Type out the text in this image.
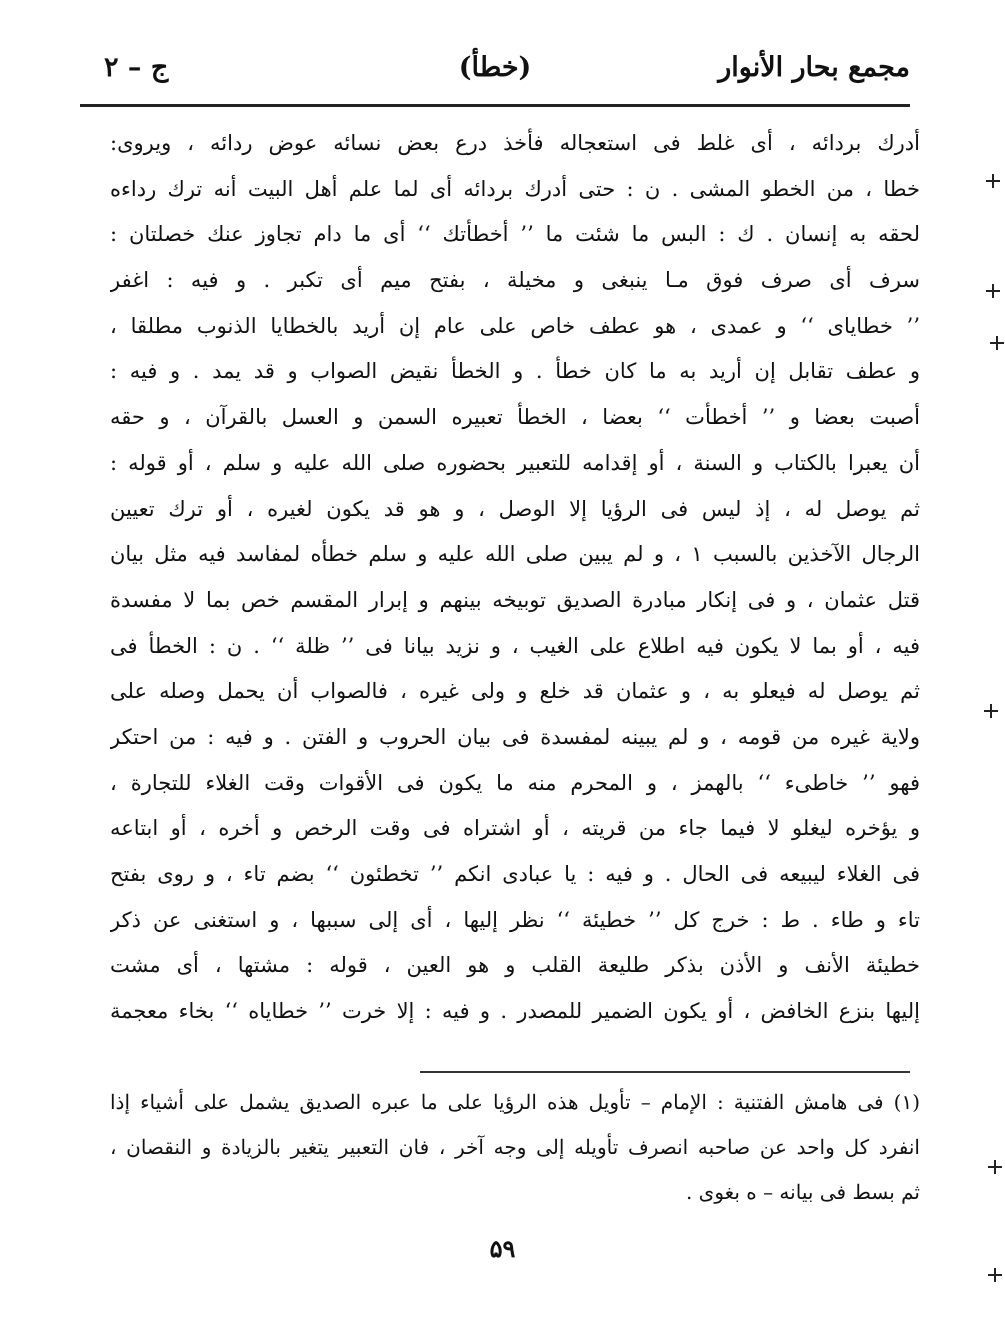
مجمع بحار الأنوار
(خطأ)
ج – ۲
أدرك بردائه ، أى غلط فى استعجاله فأخذ درع بعض نسائه عوض ردائه ، ويروى:
خطا ، من الخطو المشى . ن : حتى أدرك بردائه أى لما علم أهل البيت أنه ترك رداءه
لحقه به إنسان . ك : البس ما شئت ما ’’ أخطأتك ‘‘ أى ما دام تجاوز عنك خصلتان :
سرف أى صرف فوق مـا ينبغى و مخيلة ، بفتح ميم أى تكبر . و فيه : اغفر
’’ خطاياى ‘‘ و عمدى ، هو عطف خاص على عام إن أريد بالخطايا الذنوب مطلقا ،
و عطف تقابل إن أريد به ما كان خطأ . و الخطأ نقيض الصواب و قد يمد . و فيه :
أصبت بعضا و ’’ أخطأت ‘‘ بعضا ، الخطأ تعبيره السمن و العسل بالقرآن ، و حقه
أن يعبرا بالكتاب و السنة ، أو إقدامه للتعبير بحضوره صلى الله عليه و سلم ، أو قوله :
ثم يوصل له ، إذ ليس فى الرؤيا إلا الوصل ، و هو قد يكون لغيره ، أو ترك تعيين
الرجال الآخذين بالسبب ۱ ، و لم يبين صلى الله عليه و سلم خطأه لمفاسد فيه مثل بيان
قتل عثمان ، و فى إنكار مبادرة الصديق توبيخه بينهم و إبرار المقسم خص بما لا مفسدة
فيه ، أو بما لا يكون فيه اطلاع على الغيب ، و نزيد بيانا فى ’’ ظلة ‘‘ . ن : الخطأ فى
ثم يوصل له فيعلو به ، و عثمان قد خلع و ولى غيره ، فالصواب أن يحمل وصله على
ولاية غيره من قومه ، و لم يبينه لمفسدة فى بيان الحروب و الفتن . و فيه : من احتكر
فهو ’’ خاطىء ‘‘ بالهمز ، و المحرم منه ما يكون فى الأقوات وقت الغلاء للتجارة ،
و يؤخره ليغلو لا فيما جاء من قريته ، أو اشتراه فى وقت الرخص و أخره ، أو ابتاعه
فى الغلاء ليبيعه فى الحال . و فيه : يا عبادى انكم ’’ تخطئون ‘‘ بضم تاء ، و روى بفتح
تاء و طاء . ط : خرج كل ’’ خطيئة ‘‘ نظر إليها ، أى إلى سببها ، و استغنى عن ذكر
خطيئة الأنف و الأذن بذكر طليعة القلب و هو العين ، قوله : مشتها ، أى مشت
إليها بنزع الخافض ، أو يكون الضمير للمصدر . و فيه : إلا خرت ’’ خطاياه ‘‘ بخاء معجمة
(۱) فى هامش الفتنية : الإمام – تأويل هذه الرؤيا على ما عبره الصديق يشمل على أشياء إذا
انفرد كل واحد عن صاحبه انصرف تأويله إلى وجه آخر ، فان التعبير يتغير بالزيادة و النقصان ،
ثم بسط فى بيانه – ه بغوى .
۵۹
